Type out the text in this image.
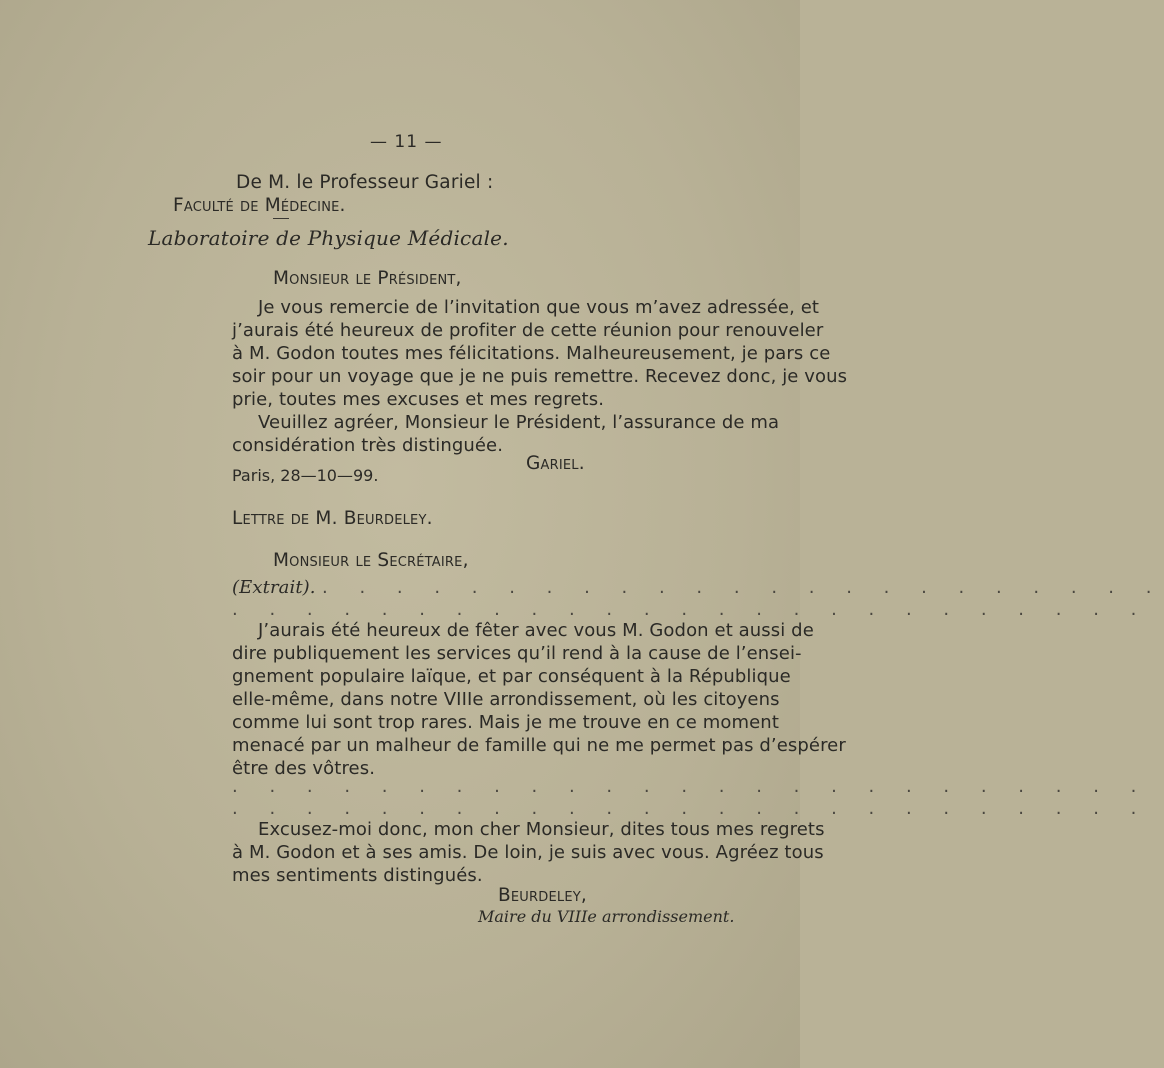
— 11 —
De M. le Professeur Gariel :
Faculté de Médecine.
Laboratoire de Physique Médicale.
Monsieur le Président,
Je vous remercie de l’invitation que vous m’avez adressée, et
j’aurais été heureux de profiter de cette réunion pour renouveler
à M. Godon toutes mes félicitations. Malheureusement, je pars ce
soir pour un voyage que je ne puis remettre. Recevez donc, je vous
prie, toutes mes excuses et mes regrets.
Veuillez agréer, Monsieur le Président, l’assurance de ma
considération très distinguée.
Gariel.
Paris, 28—10—99.
Lettre de M. Beurdeley.
Monsieur le Secrétaire,
(Extrait). . . . . . . . . . . . . . . . . . . . . . . .
. . . . . . . . . . . . . . . . . . . . . . . . .
J’aurais été heureux de fêter avec vous M. Godon et aussi de
dire publiquement les services qu’il rend à la cause de l’ensei-
gnement populaire laïque, et par conséquent à la République
elle-même, dans notre VIIIe arrondissement, où les citoyens
comme lui sont trop rares. Mais je me trouve en ce moment
menacé par un malheur de famille qui ne me permet pas d’espérer
être des vôtres.
. . . . . . . . . . . . . . . . . . . . . . . . .
. . . . . . . . . . . . . . . . . . . . . . . . .
Excusez-moi donc, mon cher Monsieur, dites tous mes regrets
à M. Godon et à ses amis. De loin, je suis avec vous. Agréez tous
mes sentiments distingués.
Beurdeley,
Maire du VIIIe arrondissement.
